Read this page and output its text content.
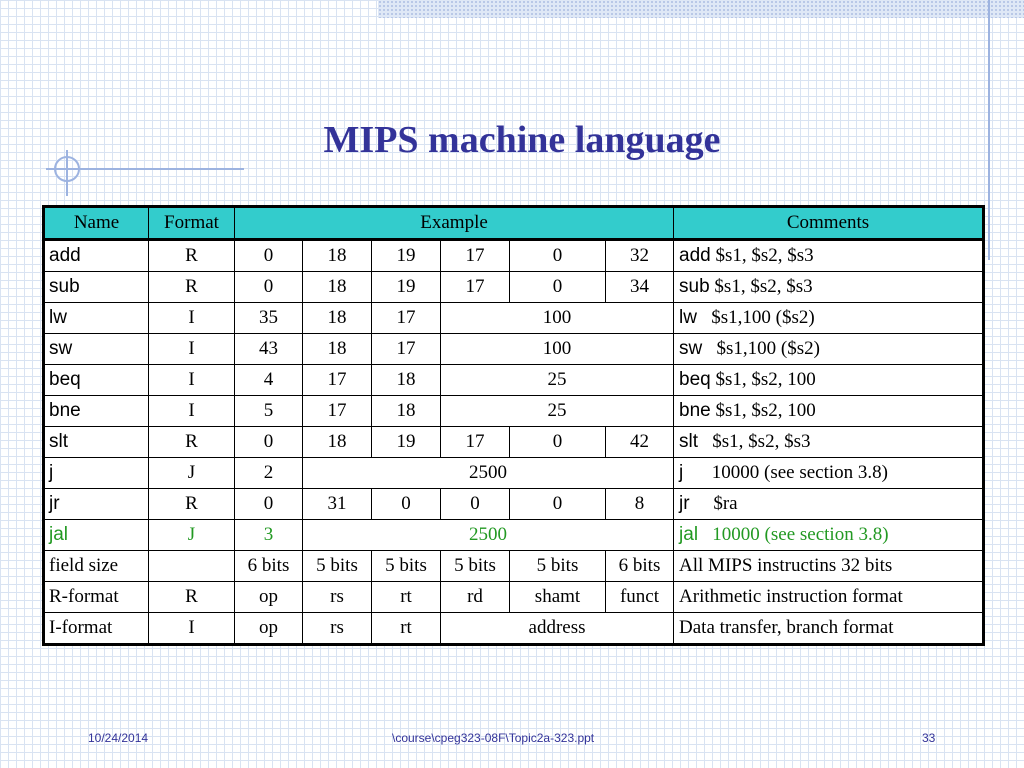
MIPS machine language
Name	Format	Example						Comments
add	R	0	18	19	17	0	32	add $s1, $s2, $s3
sub	R	0	18	19	17	0	34	sub $s1, $s2, $s3
lw	I	35	18	17	100			lw $s1,100 ($s2)
sw	I	43	18	17	100			sw $s1,100 ($s2)
beq	I	4	17	18	25			beq $s1, $s2, 100
bne	I	5	17	18	25			bne $s1, $s2, 100
slt	R	0	18	19	17	0	42	slt $s1, $s2, $s3
j	J	2	2500					j 10000 (see section 3.8)
jr	R	0	31	0	0	0	8	jr $ra
jal	J	3	2500					jal 10000 (see section 3.8)
field size		6 bits	5 bits	5 bits	5 bits	5 bits	6 bits	All MIPS instructins 32 bits
R-format	R	op	rs	rt	rd	shamt	funct	Arithmetic instruction format
I-format	I	op	rs	rt	address			Data transfer, branch format
10/24/2014	\course\cpeg323-08F\Topic2a-323.ppt	33
